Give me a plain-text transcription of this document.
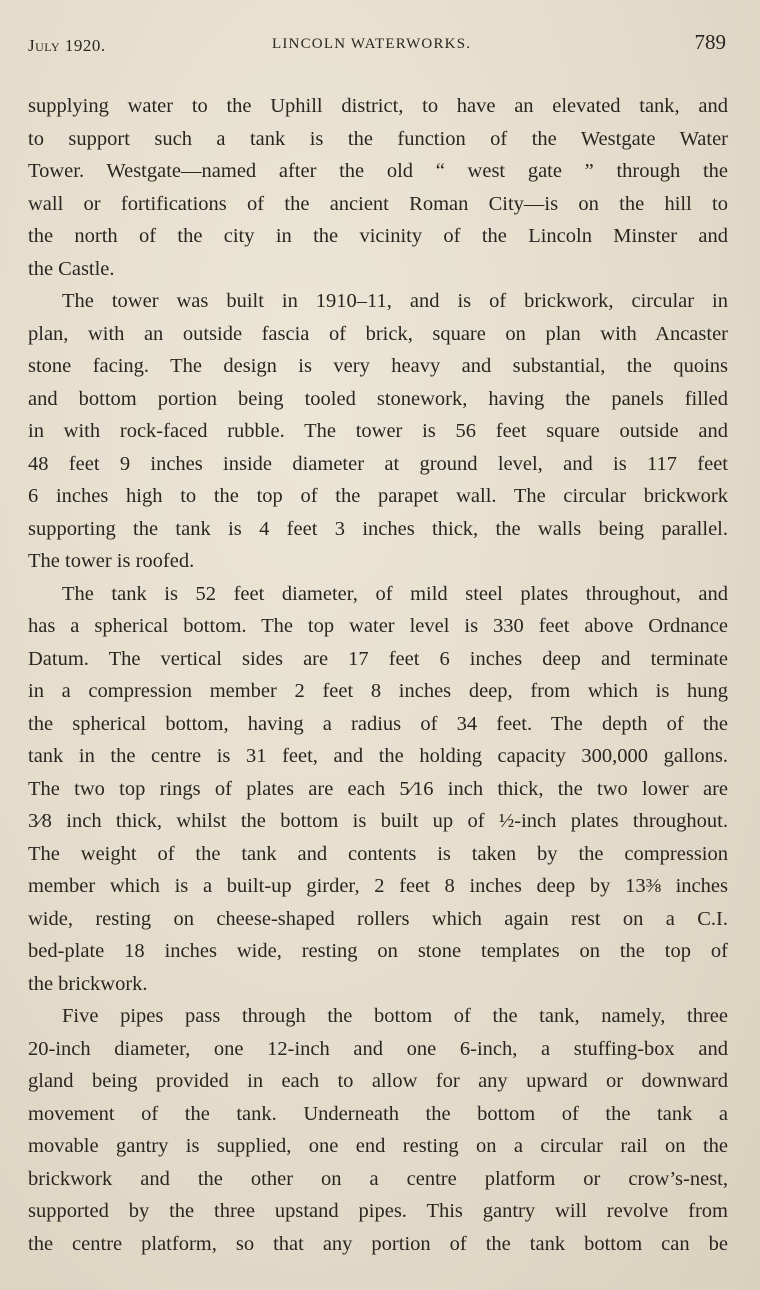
July 1920.	LINCOLN WATERWORKS.	789
supplying water to the Uphill district, to have an elevated tank, and
to support such a tank is the function of the Westgate Water
Tower. Westgate—named after the old “ west gate ” through the
wall or fortifications of the ancient Roman City—is on the hill to
the north of the city in the vicinity of the Lincoln Minster and
the Castle.
The tower was built in 1910–11, and is of brickwork, circular in
plan, with an outside fascia of brick, square on plan with Ancaster
stone facing. The design is very heavy and substantial, the quoins
and bottom portion being tooled stonework, having the panels filled
in with rock-faced rubble. The tower is 56 feet square outside and
48 feet 9 inches inside diameter at ground level, and is 117 feet
6 inches high to the top of the parapet wall. The circular brickwork
supporting the tank is 4 feet 3 inches thick, the walls being parallel.
The tower is roofed.
The tank is 52 feet diameter, of mild steel plates throughout, and
has a spherical bottom. The top water level is 330 feet above Ordnance
Datum. The vertical sides are 17 feet 6 inches deep and terminate
in a compression member 2 feet 8 inches deep, from which is hung
the spherical bottom, having a radius of 34 feet. The depth of the
tank in the centre is 31 feet, and the holding capacity 300,000 gallons.
The two top rings of plates are each 5⁄16 inch thick, the two lower are
3⁄8 inch thick, whilst the bottom is built up of ½-inch plates throughout.
The weight of the tank and contents is taken by the compression
member which is a built-up girder, 2 feet 8 inches deep by 13⅜ inches
wide, resting on cheese-shaped rollers which again rest on a C.I.
bed-plate 18 inches wide, resting on stone templates on the top of
the brickwork.
Five pipes pass through the bottom of the tank, namely, three
20-inch diameter, one 12-inch and one 6-inch, a stuffing-box and
gland being provided in each to allow for any upward or downward
movement of the tank. Underneath the bottom of the tank a
movable gantry is supplied, one end resting on a circular rail on the
brickwork and the other on a centre platform or crow’s-nest,
supported by the three upstand pipes. This gantry will revolve from
the centre platform, so that any portion of the tank bottom can be
